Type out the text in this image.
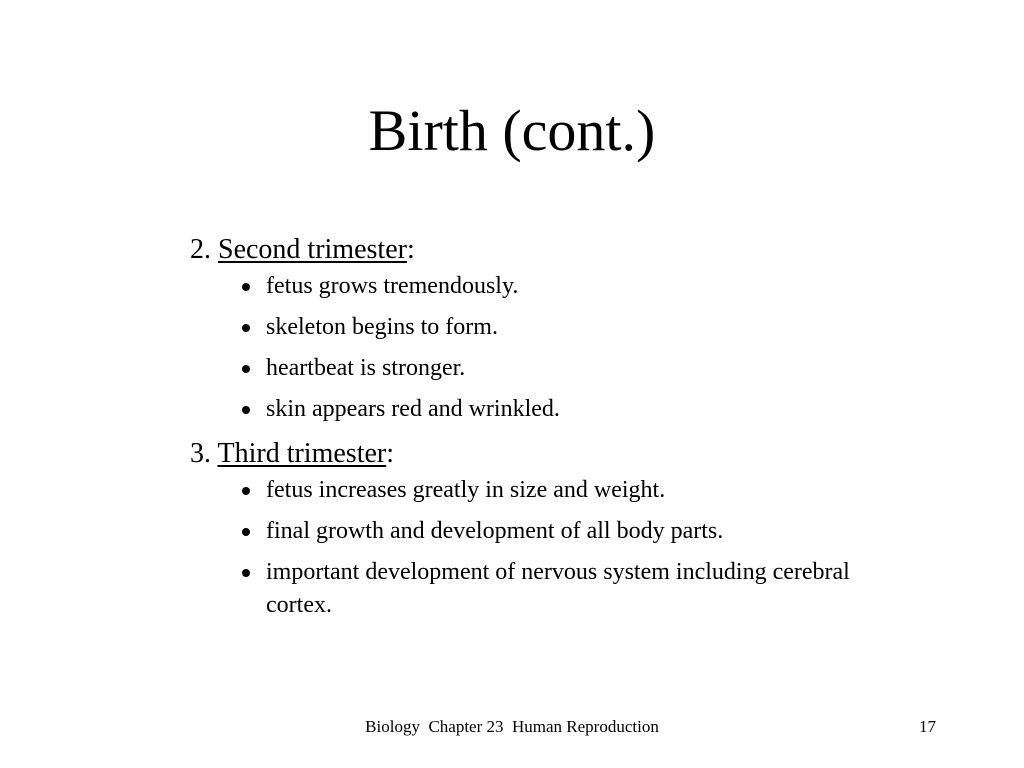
Birth (cont.)

2. Second trimester:

fetus grows tremendously.
skeleton begins to form.
heartbeat is stronger.
skin appears red and wrinkled.

3. Third trimester:

fetus increases greatly in size and weight.
final growth and development of all body parts.
important development of nervous system including cerebral cortex.
Biology  Chapter 23  Human Reproduction	17
